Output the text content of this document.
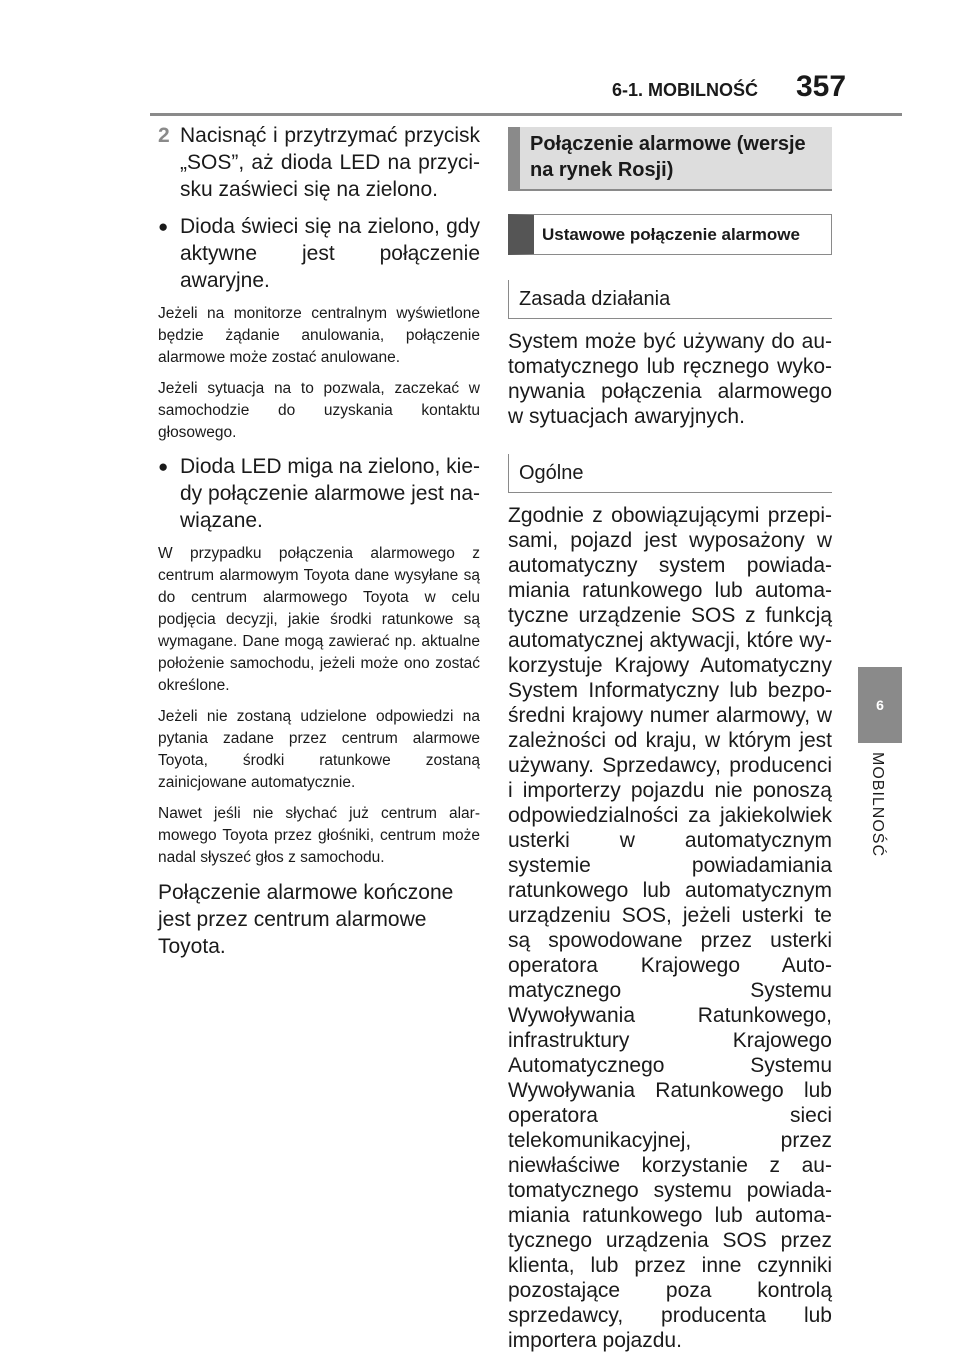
6-1. MOBILNOŚĆ 357
6
MOBILNOŚĆ
2 Nacisnąć i przytrzymać przycisk „SOS”, aż dioda LED na przycisku zaświeci się na zielono.
● Dioda świeci się na zielono, gdy aktywne jest połączenie awaryjne.

Jeżeli na monitorze centralnym wyświetlone będzie żądanie anulowania, połączenie alarmowe może zostać anulowane.

Jeżeli sytuacja na to pozwala, zaczekać w samochodzie do uzyskania kontaktu głosowego.

● Dioda LED miga na zielono, kiedy połączenie alarmowe jest nawiązane.

W przypadku połączenia alarmowego z centrum alarmowym Toyota dane wysyłane są do centrum alarmowego Toyota w celu podjęcia decyzji, jakie środki ratunkowe są wymagane. Dane mogą zawierać np. aktualne położenie samochodu, jeżeli może ono zostać określone.

Jeżeli nie zostaną udzielone odpowiedzi na pytania zadane przez centrum alarmowe Toyota, środki ratunkowe zostaną zainicjowane automatycznie.

Nawet jeśli nie słychać już centrum alarmowego Toyota przez głośniki, centrum może nadal słyszeć głos z samochodu.

Połączenie alarmowe kończone jest przez centrum alarmowe Toyota.

Połączenie alarmowe (wersje na rynek Rosji)
Ustawowe połączenie alarmowe
Zasada działania

System może być używany do automatycznego lub ręcznego wykonywania połączenia alarmowego w sytuacjach awaryjnych.

Ogólne

Zgodnie z obowiązującymi przepisami, pojazd jest wyposażony w automatyczny system powiadamiania ratunkowego lub automatyczne urządzenie SOS z funkcją automatycznej aktywacji, które wykorzystuje Krajowy Automatyczny System Informatyczny lub bezpośredni krajowy numer alarmowy, w zależności od kraju, w którym jest używany. Sprzedawcy, producenci i importerzy pojazdu nie ponoszą odpowiedzialności za jakiekolwiek usterki w automatycznym systemie powiadamiania ratunkowego lub automatycznym urządzeniu SOS, jeżeli usterki te są spowodowane przez usterki operatora Krajowego Automatycznego Systemu Wywoływania Ratunkowego, infrastruktury Krajowego Automatycznego Systemu Wywoływania Ratunkowego lub operatora sieci telekomunikacyjnej, przez niewłaściwe korzystanie z automatycznego systemu powiadamiania ratunkowego lub automatycznego urządzenia SOS przez klienta, lub przez inne czynniki pozostające poza kontrolą sprzedawcy, producenta lub importera pojazdu.
